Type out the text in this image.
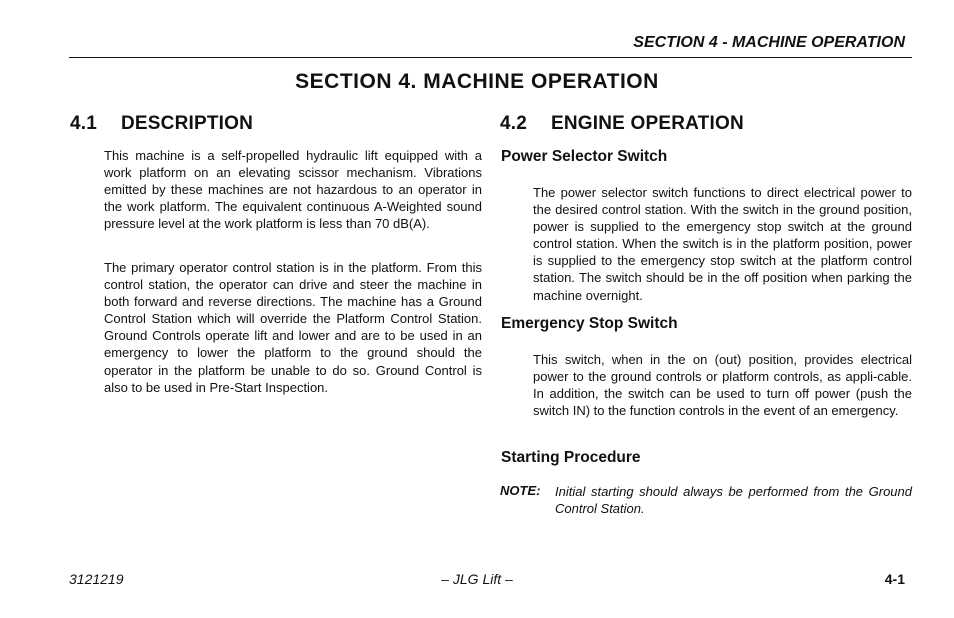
SECTION 4 - MACHINE OPERATION
SECTION 4. MACHINE OPERATION
4.1 DESCRIPTION

This machine is a self-propelled hydraulic lift equipped with a work platform on an elevating scissor mechanism. Vibrations emitted by these machines are not hazardous to an operator in the work platform. The equivalent continuous A-Weighted sound pressure level at the work platform is less than 70 dB(A).

The primary operator control station is in the platform. From this control station, the operator can drive and steer the machine in both forward and reverse directions. The machine has a Ground Control Station which will override the Platform Control Station. Ground Controls operate lift and lower and are to be used in an emergency to lower the platform to the ground should the operator in the platform be unable to do so. Ground Control is also to be used in Pre-Start Inspection.

4.2 ENGINE OPERATION
Power Selector Switch

The power selector switch functions to direct electrical power to the desired control station. With the switch in the ground position, power is supplied to the emergency stop switch at the ground control station. When the switch is in the platform position, power is supplied to the emergency stop switch at the platform control station. The switch should be in the off position when parking the machine overnight.

Emergency Stop Switch

This switch, when in the on (out) position, provides electrical power to the ground controls or platform controls, as appli-cable. In addition, the switch can be used to turn off power (push the switch IN) to the function controls in the event of an emergency.

Starting Procedure
NOTE: Initial starting should always be performed from the Ground Control Station.

3121219	– JLG Lift –	4-1
